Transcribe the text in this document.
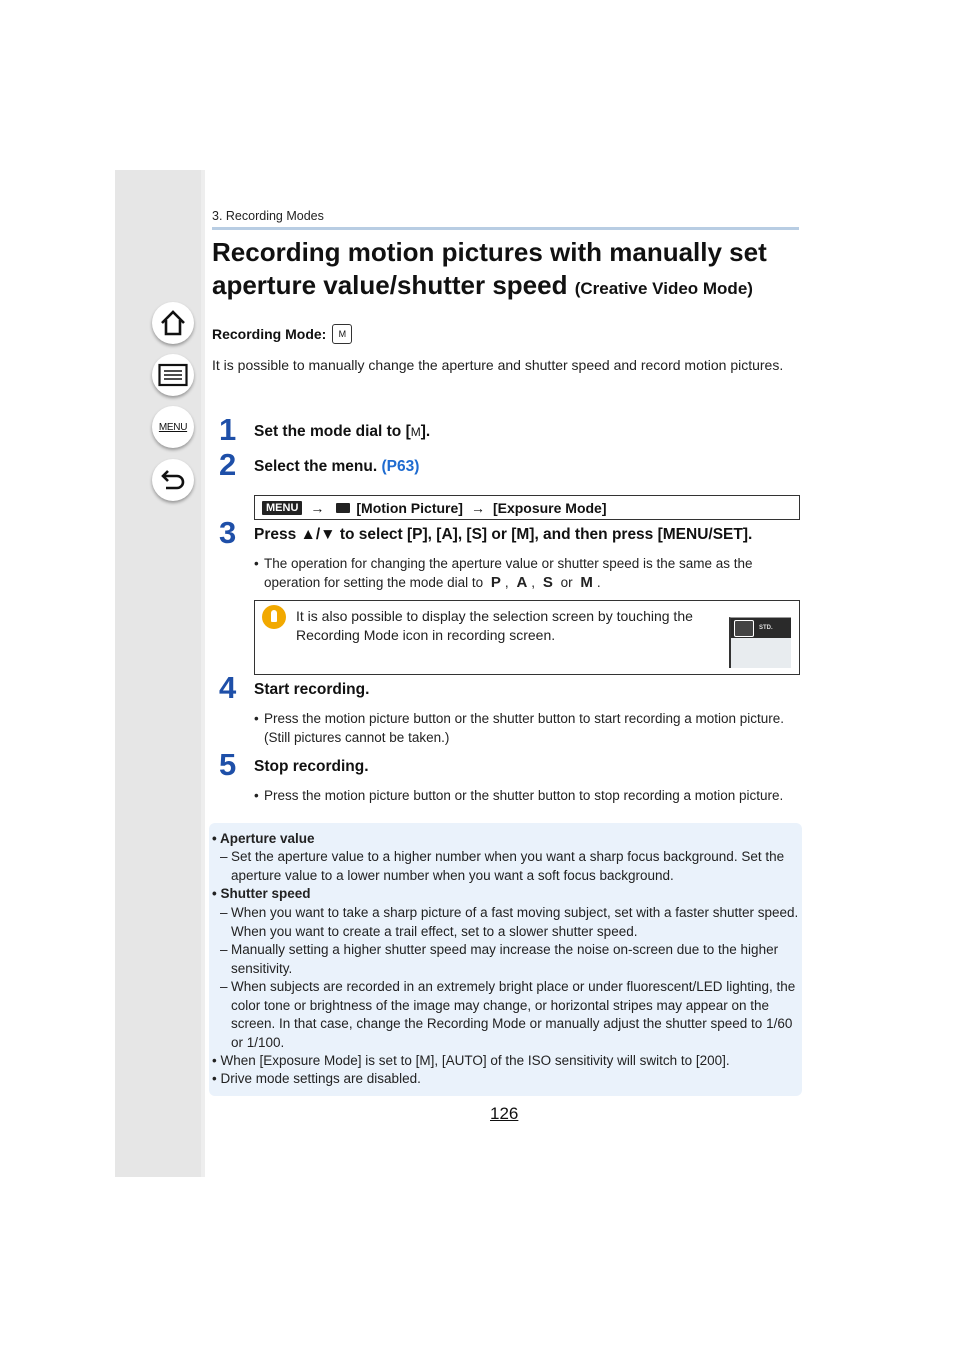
MENU
3. Recording Modes
Recording motion pictures with manually set aperture value/shutter speed (Creative Video Mode)
Recording Mode:	M
It is possible to manually change the aperture and shutter speed and record motion pictures.
1 Set the mode dial to [M].
2 Select the menu. (P63)
MENU → [Motion Picture] → [Exposure Mode]
3 Press ▲/▼ to select [P], [A], [S] or [M], and then press [MENU/SET].
• The operation for changing the aperture value or shutter speed is the same as the operation for setting the mode dial to P , A , S or M .
It is also possible to display the selection screen by touching the Recording Mode icon in recording screen.	STD.
4 Start recording.
• Press the motion picture button or the shutter button to start recording a motion picture. (Still pictures cannot be taken.)
5 Stop recording.
• Press the motion picture button or the shutter button to stop recording a motion picture.
• Aperture value
– Set the aperture value to a higher number when you want a sharp focus background. Set the aperture value to a lower number when you want a soft focus background.
• Shutter speed
– When you want to take a sharp picture of a fast moving subject, set with a faster shutter speed. When you want to create a trail effect, set to a slower shutter speed.
– Manually setting a higher shutter speed may increase the noise on-screen due to the higher sensitivity.
– When subjects are recorded in an extremely bright place or under fluorescent/LED lighting, the color tone or brightness of the image may change, or horizontal stripes may appear on the screen. In that case, change the Recording Mode or manually adjust the shutter speed to 1/60 or 1/100.
• When [Exposure Mode] is set to [M], [AUTO] of the ISO sensitivity will switch to [200].
• Drive mode settings are disabled.
126
